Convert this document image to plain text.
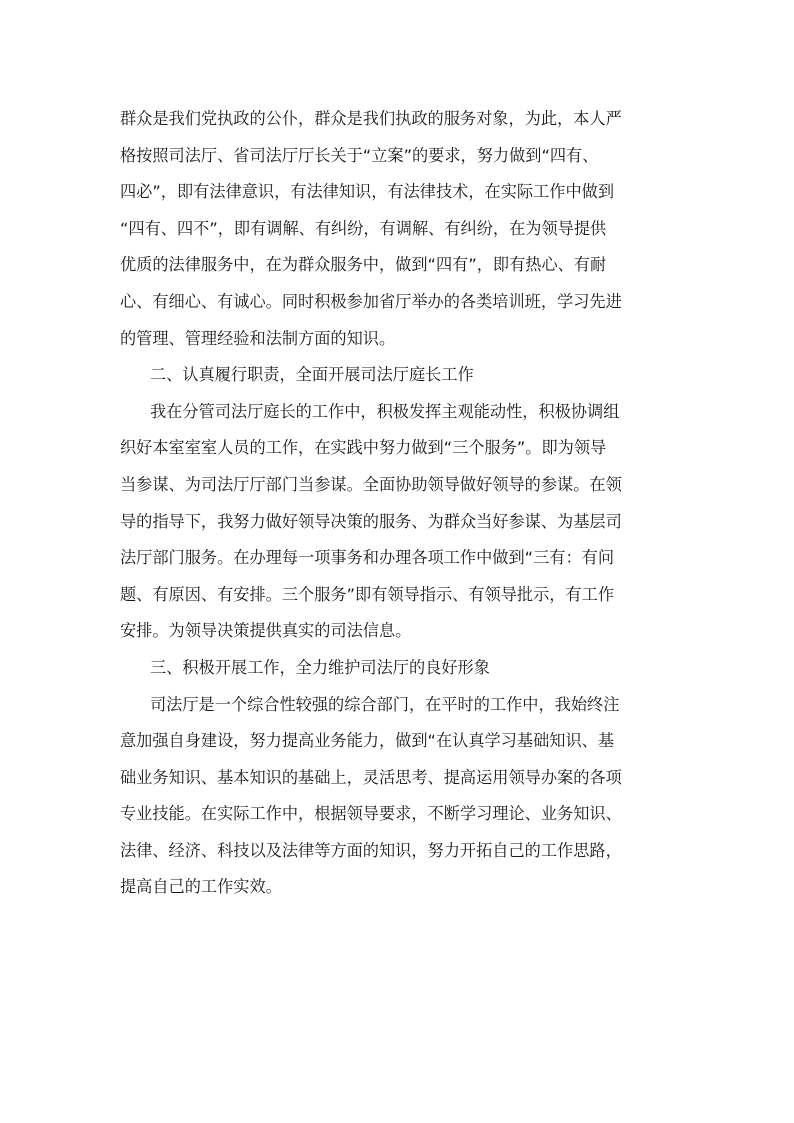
群众是我们党执政的公仆，群众是我们执政的服务对象，为此，本人严
格按照司法厅、省司法厅厅长关于“立案”的要求，努力做到“四有、
四必”，即有法律意识，有法律知识，有法律技术，在实际工作中做到
“四有、四不”，即有调解、有纠纷，有调解、有纠纷，在为领导提供
优质的法律服务中，在为群众服务中，做到“四有”，即有热心、有耐
心、有细心、有诚心。同时积极参加省厅举办的各类培训班，学习先进
的管理、管理经验和法制方面的知识。
二、认真履行职责，全面开展司法厅庭长工作
我在分管司法厅庭长的工作中，积极发挥主观能动性，积极协调组
织好本室室室人员的工作，在实践中努力做到“三个服务”。即为领导
当参谋、为司法厅厅部门当参谋。全面协助领导做好领导的参谋。在领
导的指导下，我努力做好领导决策的服务、为群众当好参谋、为基层司
法厅部门服务。在办理每一项事务和办理各项工作中做到“三有：有问
题、有原因、有安排。三个服务”即有领导指示、有领导批示，有工作
安排。为领导决策提供真实的司法信息。
三、积极开展工作，全力维护司法厅的良好形象
司法厅是一个综合性较强的综合部门，在平时的工作中，我始终注
意加强自身建设，努力提高业务能力，做到“在认真学习基础知识、基
础业务知识、基本知识的基础上，灵活思考、提高运用领导办案的各项
专业技能。在实际工作中，根据领导要求，不断学习理论、业务知识、
法律、经济、科技以及法律等方面的知识，努力开拓自己的工作思路，
提高自己的工作实效。
